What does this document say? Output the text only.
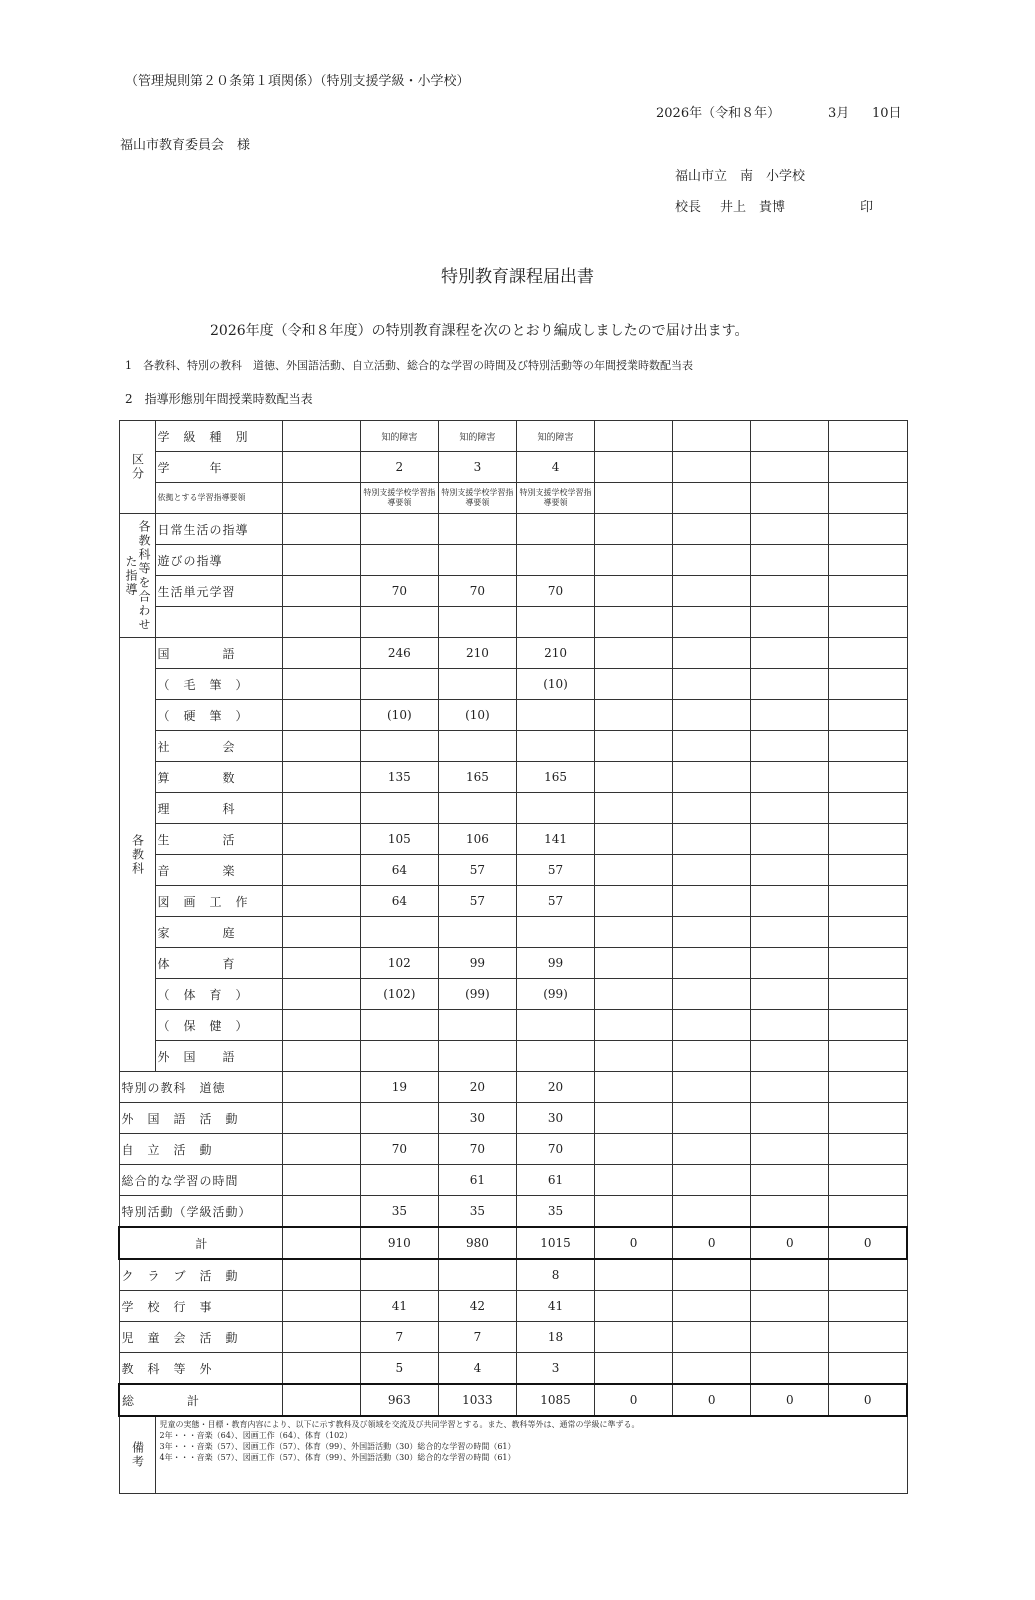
（管理規則第２０条第１項関係）（特別支援学級・小学校）
2026年（令和８年）	3月 10日
福山市教育委員会　様
福山市立　南　小学校
校長 井上　貴博	印
特別教育課程届出書
2026年度（令和８年度）の特別教育課程を次のとおり編成しましたので届け出ます。
1　各教科、特別の教科　道徳、外国語活動、自立活動、総合的な学習の時間及び特別活動等の年間授業時数配当表
2　指導形態別年間授業時数配当表
区分	学　級　種　別		知的障害	知的障害	知的障害				
	学　　　年		2	3	4				
	依拠とする学習指導要領		特別支援学校学習指導要領	特別支援学校学習指導要領	特別支援学校学習指導要領				
各教科等を合わせた指導	日常生活の指導								
	遊びの指導								
	生活単元学習		70	70	70				

各教科	国　　　　語		246	210	210				
	（　毛　筆　）				(10)				
	（　硬　筆　）		(10)	(10)					
	社　　　　会								
	算　　　　数		135	165	165				
	理　　　　科								
	生　　　　活		105	106	141				
	音　　　　楽		64	57	57				
	図　画　工　作		64	57	57				
	家　　　　庭								
	体　　　　育		102	99	99				
	（　体　育　）		(102)	(99)	(99)				
	（　保　健　）								
	外　国　　語								
特別の教科　道徳			19	20	20				
外　国　語　活　動				30	30				
自　立　活　動			70	70	70				
総合的な学習の時間				61	61				
特別活動（学級活動）			35	35	35				
計			910	980	1015	0	0	0	0
ク　ラ　ブ　活　動					8				
学　校　行　事			41	42	41				
児　童　会　活　動			7	7	18				
教　科　等　外			5	4	3				
総　　　　計			963	1033	1085	0	0	0	0
備考	児童の実態・目標・教育内容により、以下に示す教科及び領域を交流及び共同学習とする。また、教科等外は、通常の学級に準ずる。
2年・・・音楽（64）、図画工作（64）、体育（102）
3年・・・音楽（57）、図画工作（57）、体育（99）、外国語活動（30）総合的な学習の時間（61）
4年・・・音楽（57）、図画工作（57）、体育（99）、外国語活動（30）総合的な学習の時間（61）								
